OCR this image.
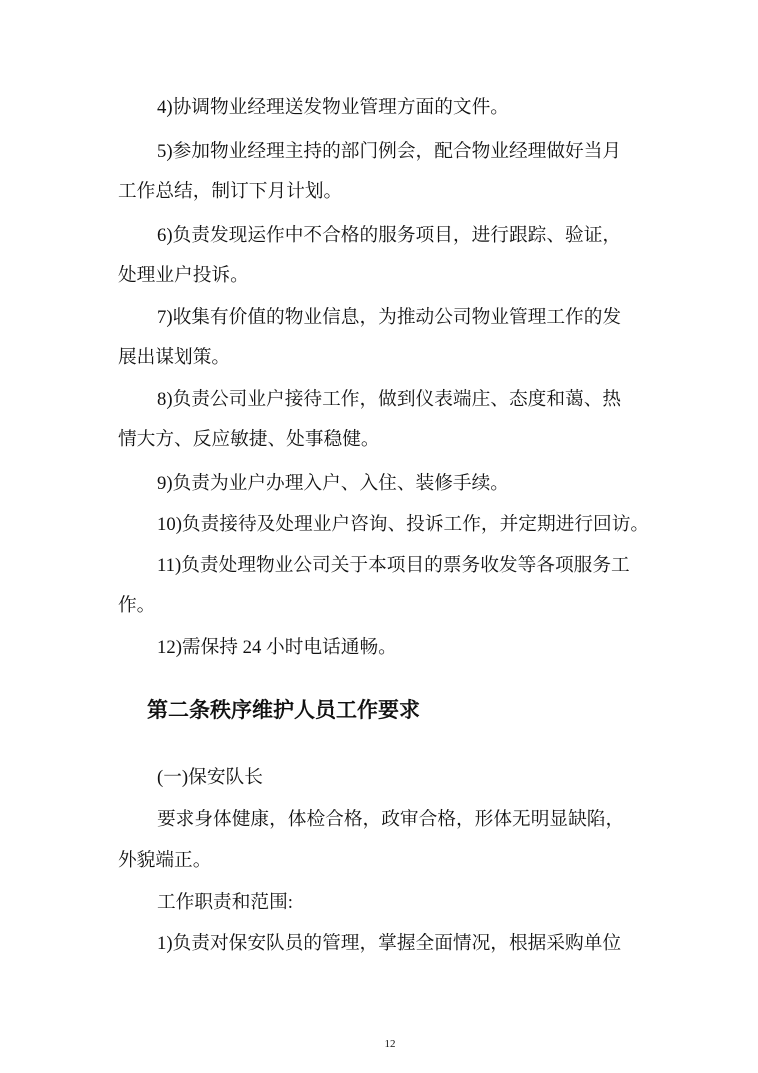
4)协调物业经理送发物业管理方面的文件。
5)参加物业经理主持的部门例会，配合物业经理做好当月
工作总结，制订下月计划。
6)负责发现运作中不合格的服务项目，进行跟踪、验证，
处理业户投诉。
7)收集有价值的物业信息，为推动公司物业管理工作的发
展出谋划策。
8)负责公司业户接待工作，做到仪表端庄、态度和蔼、热
情大方、反应敏捷、处事稳健。
9)负责为业户办理入户、入住、装修手续。
10)负责接待及处理业户咨询、投诉工作，并定期进行回访。
11)负责处理物业公司关于本项目的票务收发等各项服务工
作。
12)需保持 24 小时电话通畅。
第二条秩序维护人员工作要求
(一)保安队长
要求身体健康，体检合格，政审合格，形体无明显缺陷，
外貌端正。
工作职责和范围:
1)负责对保安队员的管理，掌握全面情况，根据采购单位
12
